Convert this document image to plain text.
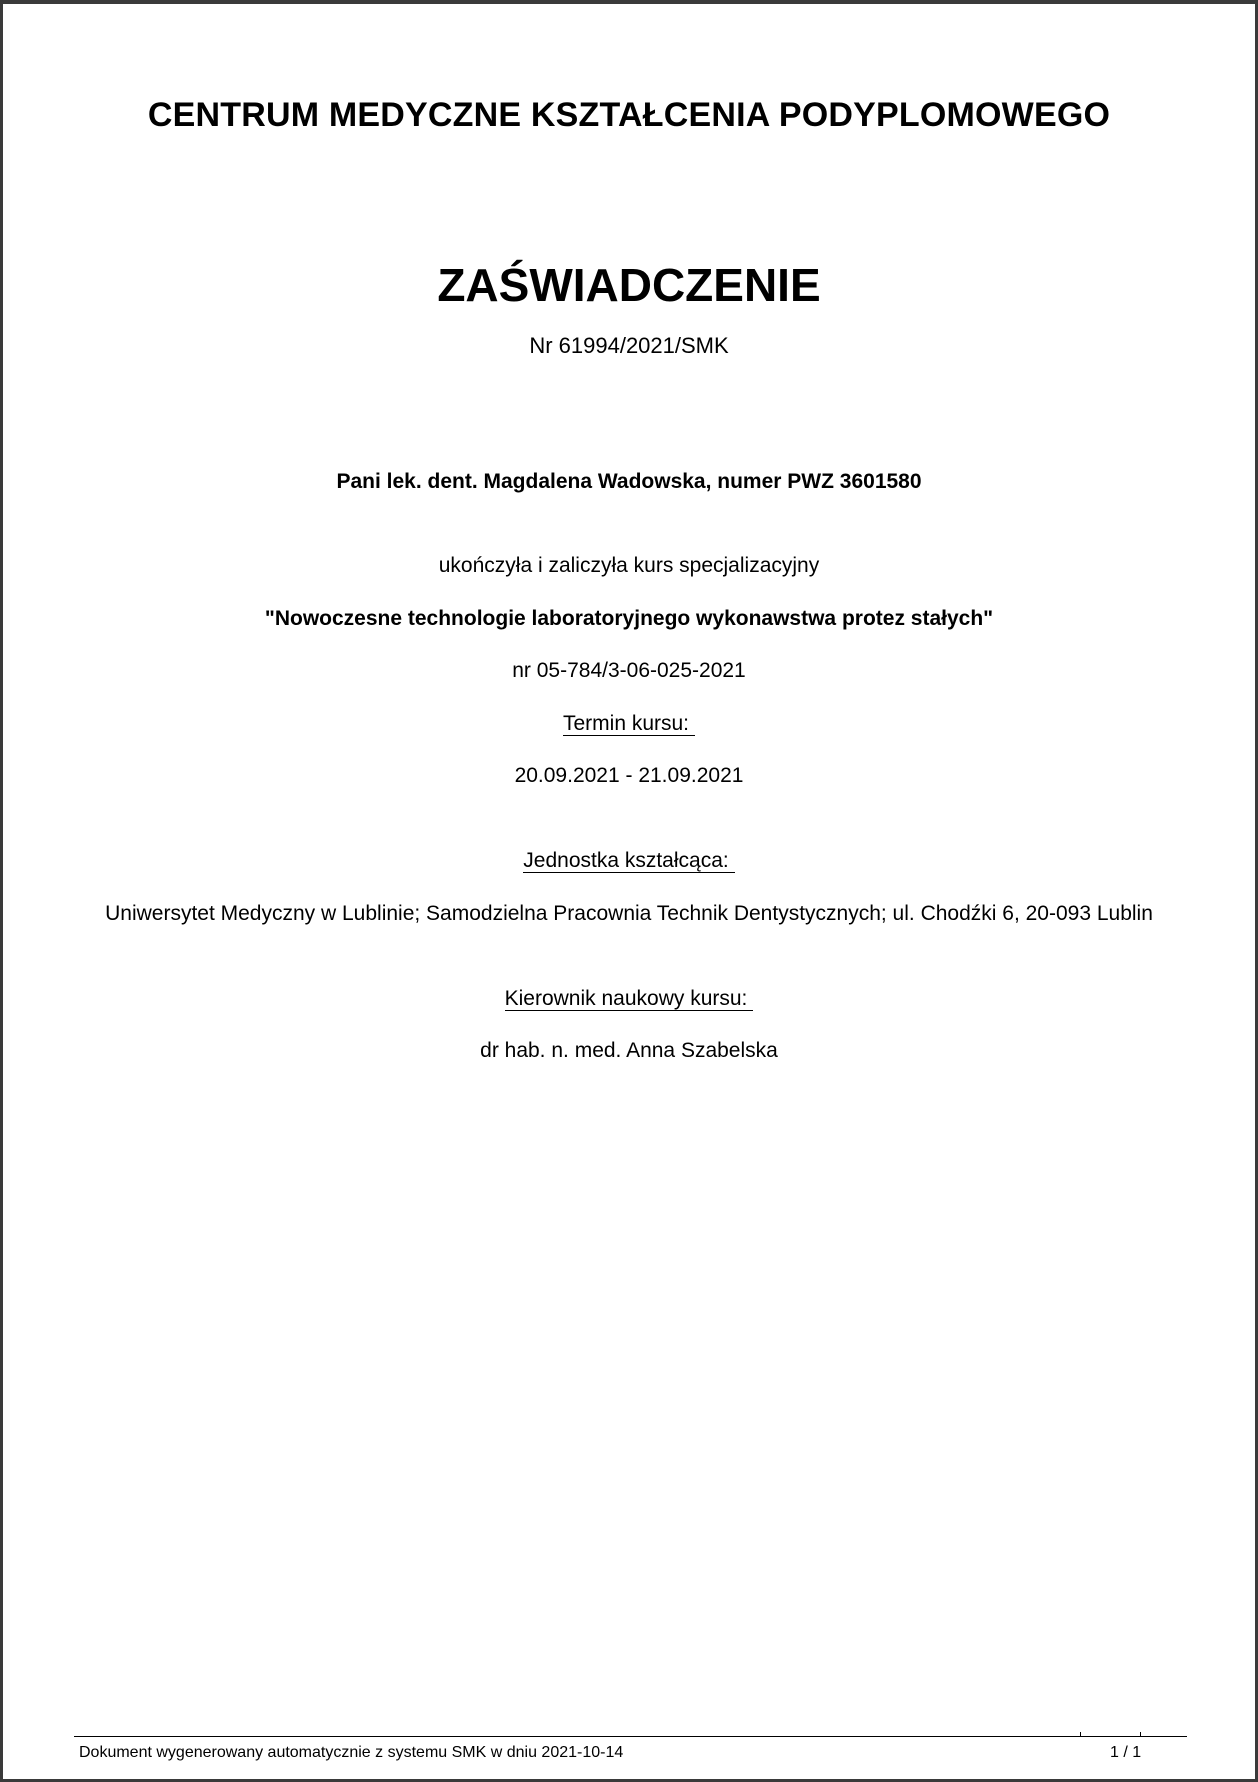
CENTRUM MEDYCZNE KSZTAŁCENIA PODYPLOMOWEGO
ZAŚWIADCZENIE
Nr 61994/2021/SMK
Pani lek. dent. Magdalena Wadowska, numer PWZ 3601580
ukończyła i zaliczyła kurs specjalizacyjny
"Nowoczesne technologie laboratoryjnego wykonawstwa protez stałych"
nr 05-784/3-06-025-2021
Termin kursu:
20.09.2021 - 21.09.2021
Jednostka kształcąca:
Uniwersytet Medyczny w Lublinie; Samodzielna Pracownia Technik Dentystycznych; ul. Chodźki 6, 20-093 Lublin
Kierownik naukowy kursu:
dr hab. n. med. Anna Szabelska
Dokument wygenerowany automatycznie z systemu SMK w dniu 2021-10-14	1 / 1
